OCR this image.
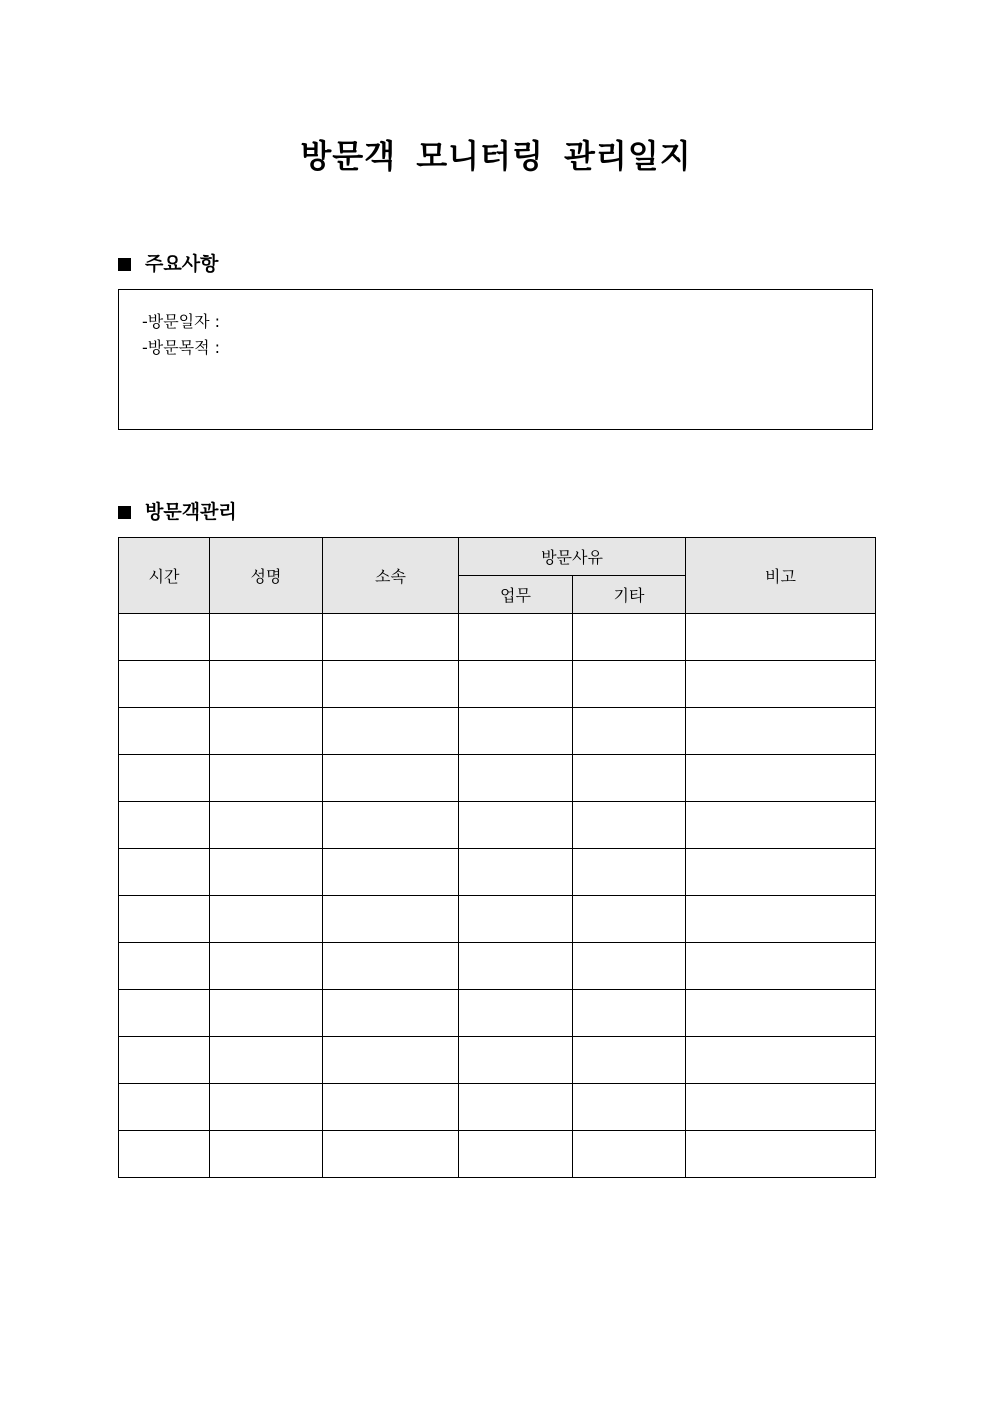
방문객 모니터링 관리일지
주요사항
-방문일자 :
-방문목적 :
방문객관리
시간	성명	소속	방문사유		비고
			업무	기타	
